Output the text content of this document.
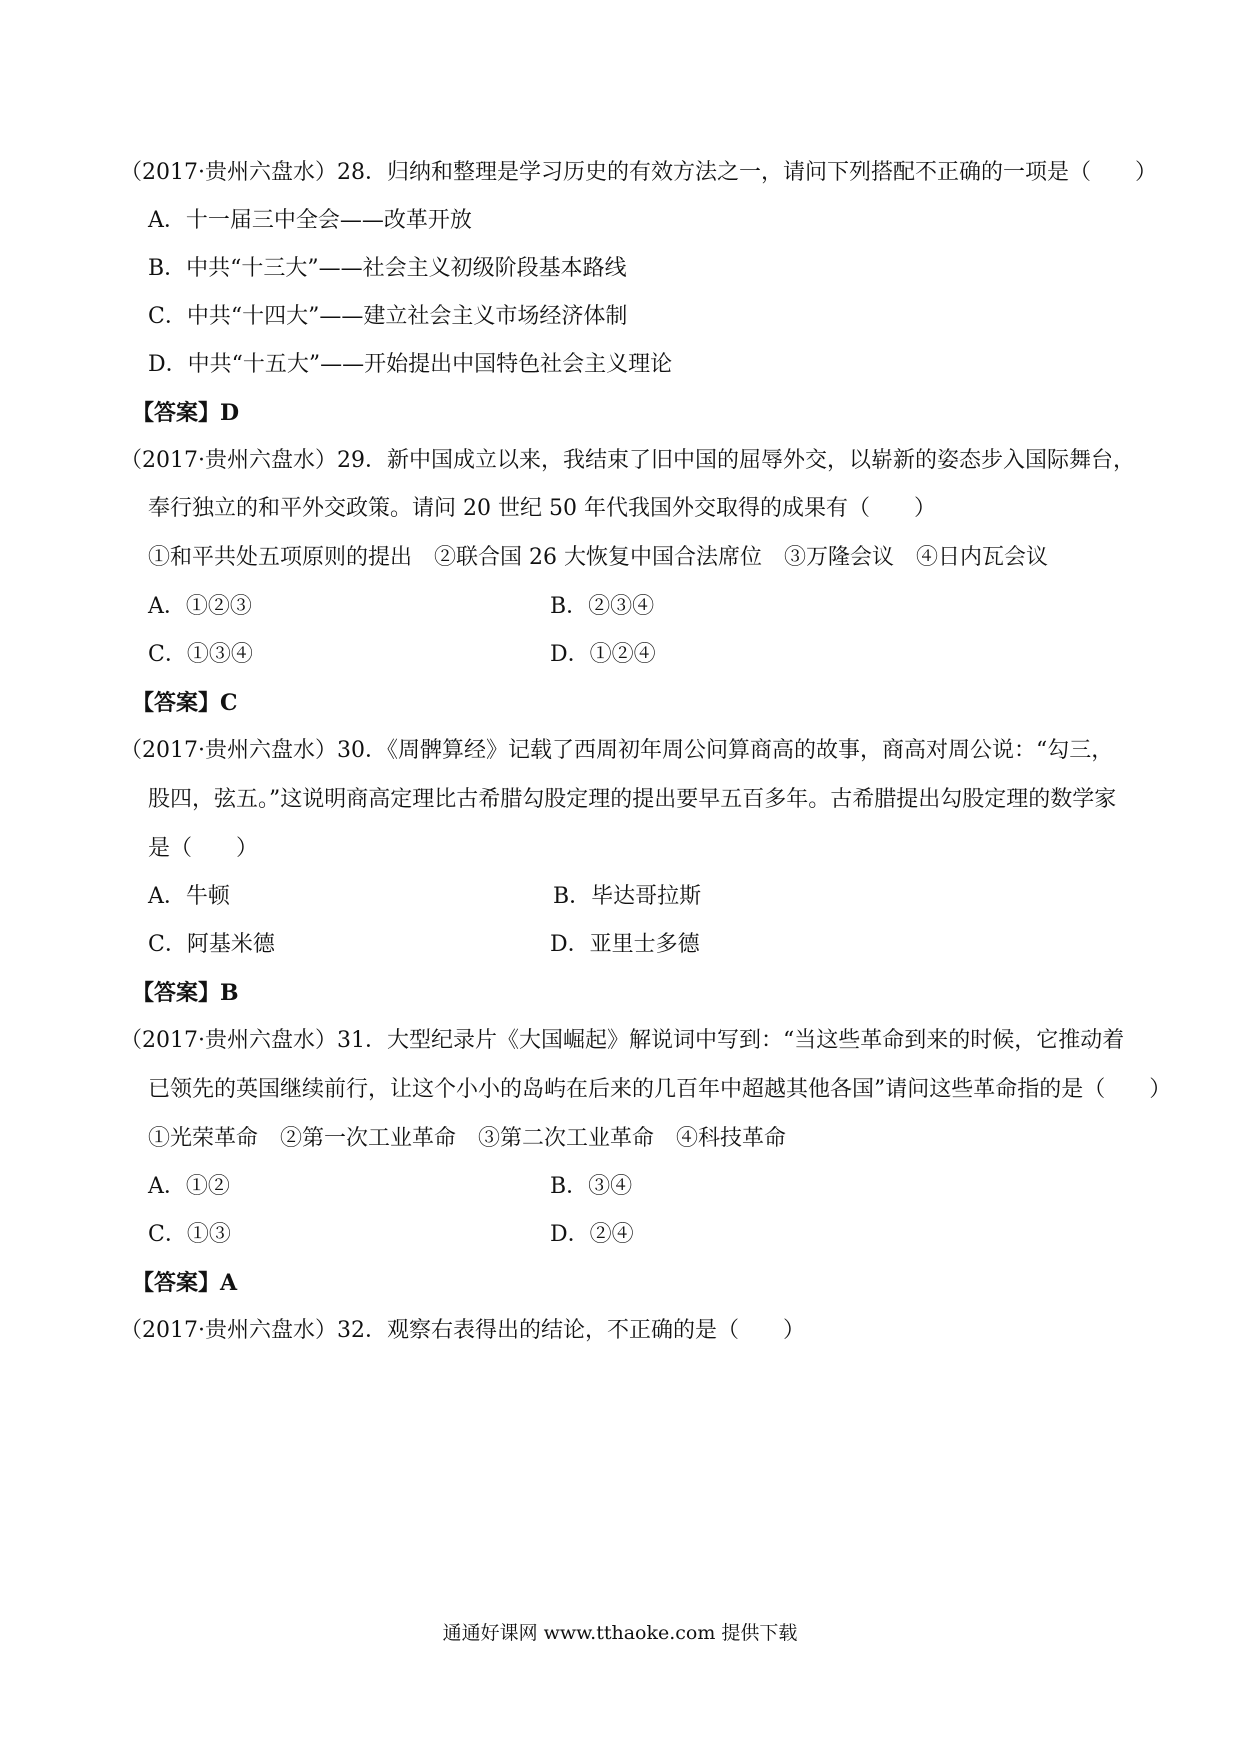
（2017·贵州六盘水）28．归纳和整理是学习历史的有效方法之一，请问下列搭配不正确的一项是（　　）
A．十一届三中全会——改革开放
B．中共“十三大”——社会主义初级阶段基本路线
C．中共“十四大”——建立社会主义市场经济体制
D．中共“十五大”——开始提出中国特色社会主义理论
【答案】D
（2017·贵州六盘水）29．新中国成立以来，我结束了旧中国的屈辱外交，以崭新的姿态步入国际舞台，
奉行独立的和平外交政策。请问 20 世纪 50 年代我国外交取得的成果有（　　）
①和平共处五项原则的提出　②联合国 26 大恢复中国合法席位　③万隆会议　④日内瓦会议
A．①②③	B．②③④
C．①③④	D．①②④
【答案】C
（2017·贵州六盘水）30．《周髀算经》记载了西周初年周公问算商高的故事，商高对周公说：“勾三，
股四，弦五。”这说明商高定理比古希腊勾股定理的提出要早五百多年。古希腊提出勾股定理的数学家
是（　　）
A．牛顿	B．毕达哥拉斯
C．阿基米德	D．亚里士多德
【答案】B
（2017·贵州六盘水）31．大型纪录片《大国崛起》解说词中写到：“当这些革命到来的时候，它推动着
已领先的英国继续前行，让这个小小的岛屿在后来的几百年中超越其他各国”请问这些革命指的是（　　）
①光荣革命　②第一次工业革命　③第二次工业革命　④科技革命
A．①②	B．③④
C．①③	D．②④
【答案】A
（2017·贵州六盘水）32．观察右表得出的结论，不正确的是（　　）
通通好课网 www.tthaoke.com 提供下载
